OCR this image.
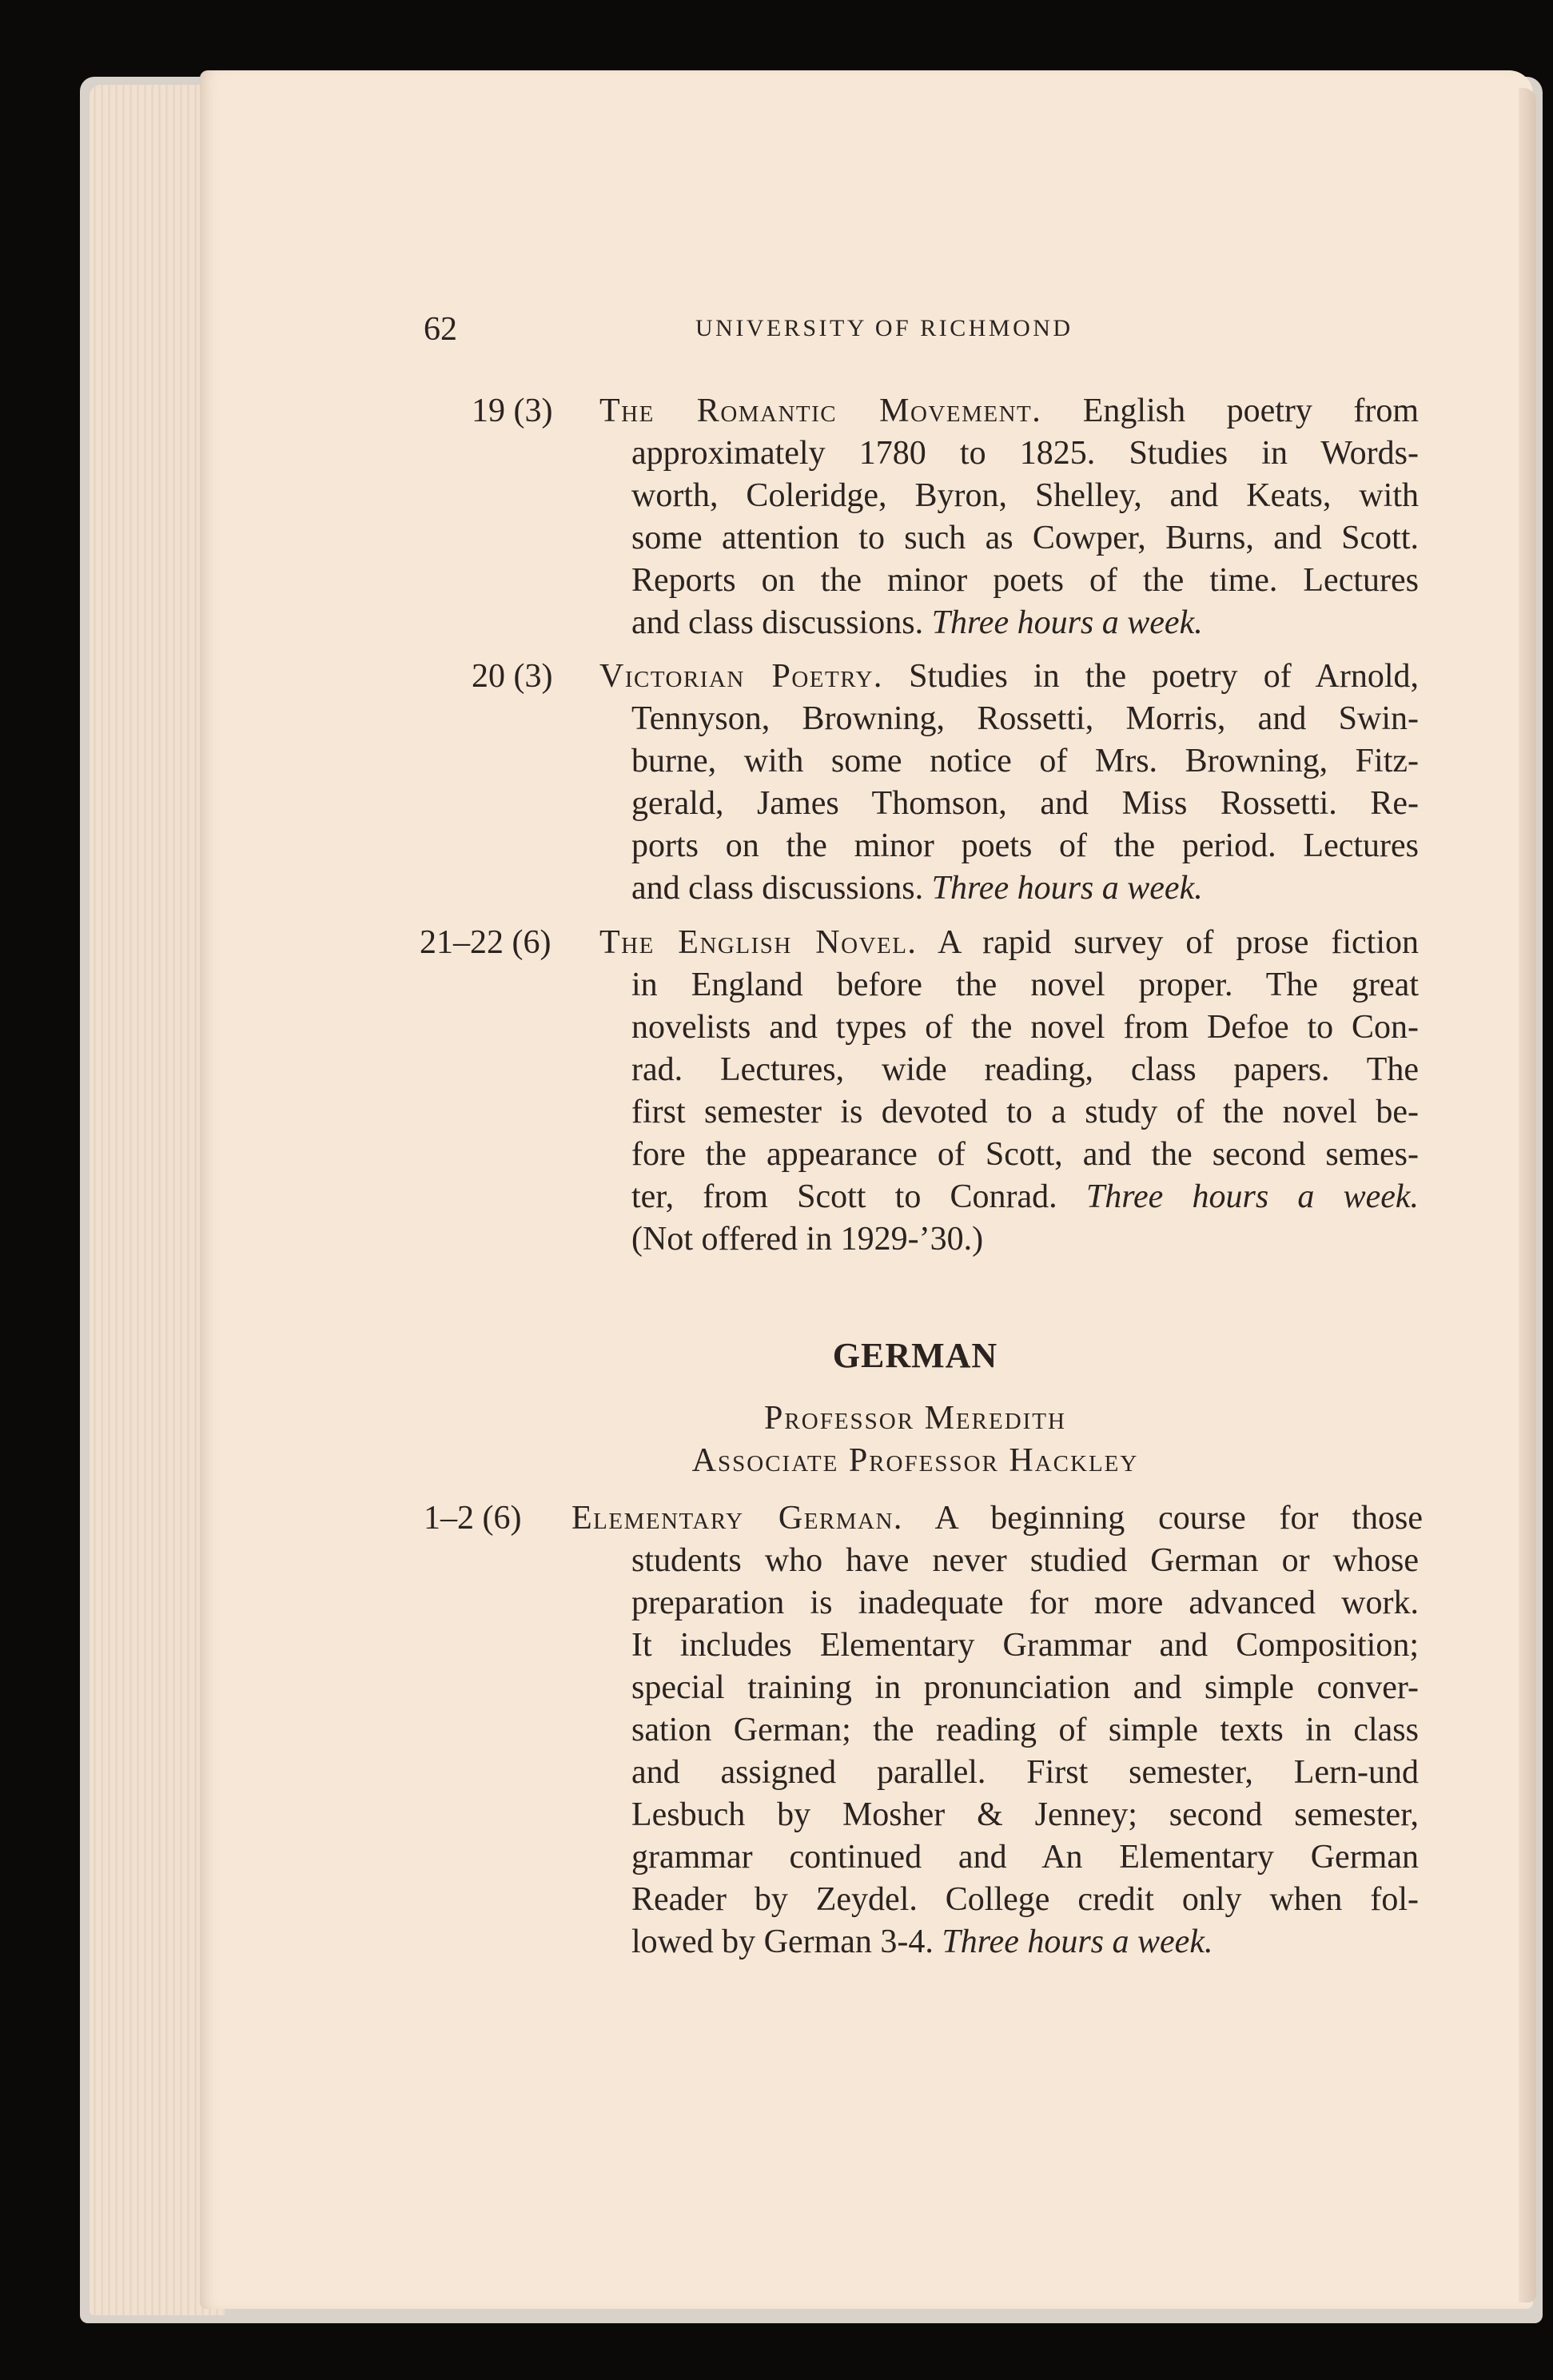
62	UNIVERSITY OF RICHMOND
19 (3) The Romantic Movement. English poetry from
approximately 1780 to 1825. Studies in Words-
worth, Coleridge, Byron, Shelley, and Keats, with
some attention to such as Cowper, Burns, and Scott.
Reports on the minor poets of the time. Lectures
and class discussions. Three hours a week.
20 (3) Victorian Poetry. Studies in the poetry of Arnold,
Tennyson, Browning, Rossetti, Morris, and Swin-
burne, with some notice of Mrs. Browning, Fitz-
gerald, James Thomson, and Miss Rossetti. Re-
ports on the minor poets of the period. Lectures
and class discussions. Three hours a week.
21–22 (6) The English Novel. A rapid survey of prose fiction
in England before the novel proper. The great
novelists and types of the novel from Defoe to Con-
rad. Lectures, wide reading, class papers. The
first semester is devoted to a study of the novel be-
fore the appearance of Scott, and the second semes-
ter, from Scott to Conrad. Three hours a week.
(Not offered in 1929-’30.)
GERMAN
Professor Meredith
Associate Professor Hackley
1–2 (6) Elementary German. A beginning course for those
students who have never studied German or whose
preparation is inadequate for more advanced work.
It includes Elementary Grammar and Composition;
special training in pronunciation and simple conver-
sation German; the reading of simple texts in class
and assigned parallel. First semester, Lern-und
Lesbuch by Mosher & Jenney; second semester,
grammar continued and An Elementary German
Reader by Zeydel. College credit only when fol-
lowed by German 3-4. Three hours a week.
